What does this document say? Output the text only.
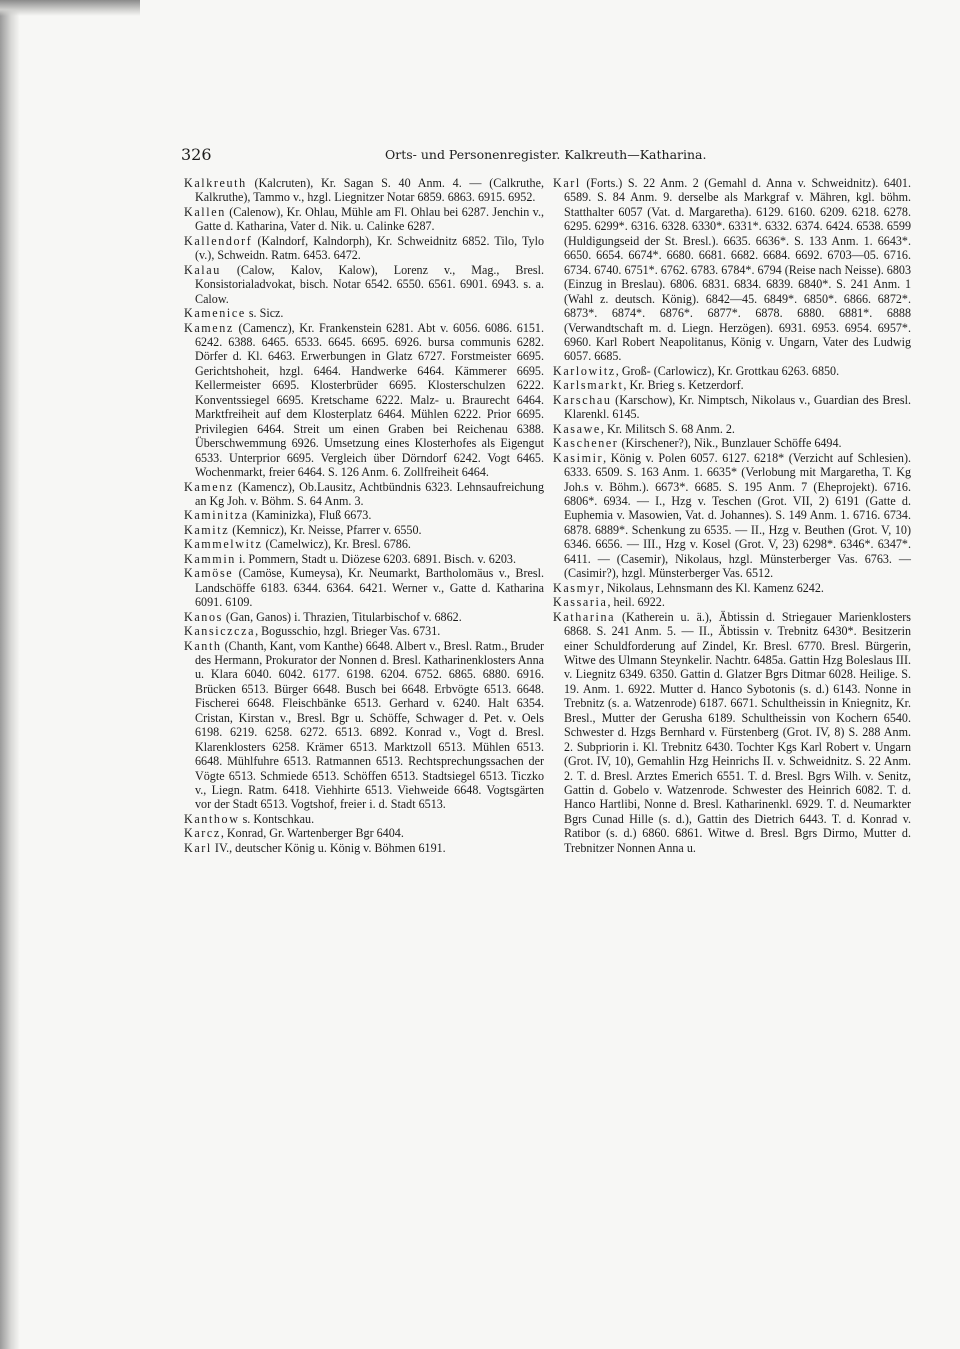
326	Orts- und Personenregister. Kalkreuth—Katharina.

Kalkreuth (Kalcruten), Kr. Sagan S. 40 Anm. 4. — (Calkruthe, Kalkruthe), Tammo v., hzgl. Liegnitzer Notar 6859. 6863. 6915. 6952.

Kallen (Calenow), Kr. Ohlau, Mühle am Fl. Ohlau bei 6287. Jenchin v., Gatte d. Katharina, Vater d. Nik. u. Calinke 6287.

Kallendorf (Kalndorf, Kalndorph), Kr. Schweidnitz 6852. Tilo, Tylo (v.), Schweidn. Ratm. 6453. 6472.

Kalau (Calow, Kalov, Kalow), Lorenz v., Mag., Bresl. Konsistorialadvokat, bisch. Notar 6542. 6550. 6561. 6901. 6943. s. a. Calow.

Kamenice s. Sicz.

Kamenz (Camencz), Kr. Frankenstein 6281. Abt v. 6056. 6086. 6151. 6242. 6388. 6465. 6533. 6645. 6695. 6926. bursa communis 6282. Dörfer d. Kl. 6463. Erwerbungen in Glatz 6727. Forstmeister 6695. Gerichtshoheit, hzgl. 6464. Handwerke 6464. Kämmerer 6695. Kellermeister 6695. Klosterbrüder 6695. Klosterschulzen 6222. Konventssiegel 6695. Kretschame 6222. Malz- u. Braurecht 6464. Marktfreiheit auf dem Klosterplatz 6464. Mühlen 6222. Prior 6695. Privilegien 6464. Streit um einen Graben bei Reichenau 6388. Überschwemmung 6926. Umsetzung eines Klosterhofes als Eigengut 6533. Unterprior 6695. Vergleich über Dörndorf 6242. Vogt 6465. Wochenmarkt, freier 6464. S. 126 Anm. 6. Zollfreiheit 6464.

Kamenz (Kamencz), Ob.Lausitz, Achtbündnis 6323. Lehnsaufreichung an Kg Joh. v. Böhm. S. 64 Anm. 3.

Kaminitza (Kaminizka), Fluß 6673.

Kamitz (Kemnicz), Kr. Neisse, Pfarrer v. 6550.

Kammelwitz (Camelwicz), Kr. Bresl. 6786.

Kammin i. Pommern, Stadt u. Diözese 6203. 6891. Bisch. v. 6203.

Kamöse (Camöse, Kumeysa), Kr. Neumarkt, Bartholomäus v., Bresl. Landschöffe 6183. 6344. 6364. 6421. Werner v., Gatte d. Katharina 6091. 6109.

Kanos (Gan, Ganos) i. Thrazien, Titularbischof v. 6862.

Kansiczcza, Bogusschio, hzgl. Brieger Vas. 6731.

Kanth (Chanth, Kant, vom Kanthe) 6648. Albert v., Bresl. Ratm., Bruder des Hermann, Prokurator der Nonnen d. Bresl. Katharinenklosters Anna u. Klara 6040. 6042. 6177. 6198. 6204. 6752. 6865. 6880. 6916. Brücken 6513. Bürger 6648. Busch bei 6648. Erbvögte 6513. 6648. Fischerei 6648. Fleischbänke 6513. Gerhard v. 6240. Halt 6354. Cristan, Kirstan v., Bresl. Bgr u. Schöffe, Schwager d. Pet. v. Oels 6198. 6219. 6258. 6272. 6513. 6892. Konrad v., Vogt d. Bresl. Klarenklosters 6258. Krämer 6513. Marktzoll 6513. Mühlen 6513. 6648. Mühlfuhre 6513. Ratmannen 6513. Rechtsprechungssachen der Vögte 6513. Schmiede 6513. Schöffen 6513. Stadtsiegel 6513. Ticzko v., Liegn. Ratm. 6418. Viehhirte 6513. Viehweide 6648. Vogtsgärten vor der Stadt 6513. Vogtshof, freier i. d. Stadt 6513.

Kanthow s. Kontschkau.

Karcz, Konrad, Gr. Wartenberger Bgr 6404.

Karl IV., deutscher König u. König v. Böhmen 6191.

Karl (Forts.) S. 22 Anm. 2 (Gemahl d. Anna v. Schweidnitz). 6401. 6589. S. 84 Anm. 9. derselbe als Markgraf v. Mähren, kgl. böhm. Statthalter 6057 (Vat. d. Margaretha). 6129. 6160. 6209. 6218. 6278. 6295. 6299*. 6316. 6328. 6330*. 6331*. 6332. 6374. 6424. 6538. 6599 (Huldigungseid der St. Bresl.). 6635. 6636*. S. 133 Anm. 1. 6643*. 6650. 6654. 6674*. 6680. 6681. 6682. 6684. 6692. 6703—05. 6716. 6734. 6740. 6751*. 6762. 6783. 6784*. 6794 (Reise nach Neisse). 6803 (Einzug in Breslau). 6806. 6831. 6834. 6839. 6840*. S. 241 Anm. 1 (Wahl z. deutsch. König). 6842—45. 6849*. 6850*. 6866. 6872*. 6873*. 6874*. 6876*. 6877*. 6878. 6880. 6881*. 6888 (Verwandtschaft m. d. Liegn. Herzögen). 6931. 6953. 6954. 6957*. 6960. Karl Robert Neapolitanus, König v. Ungarn, Vater des Ludwig 6057. 6685.

Karlowitz, Groß- (Carlowicz), Kr. Grottkau 6263. 6850.

Karlsmarkt, Kr. Brieg s. Ketzerdorf.

Karschau (Karschow), Kr. Nimptsch, Nikolaus v., Guardian des Bresl. Klarenkl. 6145.

Kasawe, Kr. Militsch S. 68 Anm. 2.

Kaschener (Kirschener?), Nik., Bunzlauer Schöffe 6494.

Kasimir, König v. Polen 6057. 6127. 6218* (Verzicht auf Schlesien). 6333. 6509. S. 163 Anm. 1. 6635* (Verlobung mit Margaretha, T. Kg Joh.s v. Böhm.). 6673*. 6685. S. 195 Anm. 7 (Eheprojekt). 6716. 6806*. 6934. — I., Hzg v. Teschen (Grot. VII, 2) 6191 (Gatte d. Euphemia v. Masowien, Vat. d. Johannes). S. 149 Anm. 1. 6716. 6734. 6878. 6889*. Schenkung zu 6535. — II., Hzg v. Beuthen (Grot. V, 10) 6346. 6656. — III., Hzg v. Kosel (Grot. V, 23) 6298*. 6346*. 6347*. 6411. — (Casemir), Nikolaus, hzgl. Münsterberger Vas. 6763. — (Casimir?), hzgl. Münsterberger Vas. 6512.

Kasmyr, Nikolaus, Lehnsmann des Kl. Kamenz 6242.

Kassaria, heil. 6922.

Katharina (Katherein u. ä.), Äbtissin d. Striegauer Marienklosters 6868. S. 241 Anm. 5. — II., Äbtissin v. Trebnitz 6430*. Besitzerin einer Schuldforderung auf Zindel, Kr. Bresl. 6770. Bresl. Bürgerin, Witwe des Ulmann Steynkelir. Nachtr. 6485a. Gattin Hzg Boleslaus III. v. Liegnitz 6349. 6350. Gattin d. Glatzer Bgrs Ditmar 6028. Heilige. S. 19. Anm. 1. 6922. Mutter d. Hanco Sybotonis (s. d.) 6143. Nonne in Trebnitz (s. a. Watzenrode) 6187. 6671. Schultheissin in Kniegnitz, Kr. Bresl., Mutter der Gerusha 6189. Schultheissin von Kochern 6540. Schwester d. Hzgs Bernhard v. Fürstenberg (Grot. IV, 8) S. 288 Anm. 2. Subpriorin i. Kl. Trebnitz 6430. Tochter Kgs Karl Robert v. Ungarn (Grot. IV, 10), Gemahlin Hzg Heinrichs II. v. Schweidnitz. S. 22 Anm. 2. T. d. Bresl. Arztes Emerich 6551. T. d. Bresl. Bgrs Wilh. v. Senitz, Gattin d. Gobelo v. Watzenrode. Schwester des Heinrich 6082. T. d. Hanco Hartlibi, Nonne d. Bresl. Katharinenkl. 6929. T. d. Neumarkter Bgrs Cunad Hille (s. d.), Gattin des Dietrich 6443. T. d. Konrad v. Ratibor (s. d.) 6860. 6861. Witwe d. Bresl. Bgrs Dirmo, Mutter d. Trebnitzer Nonnen Anna u.
